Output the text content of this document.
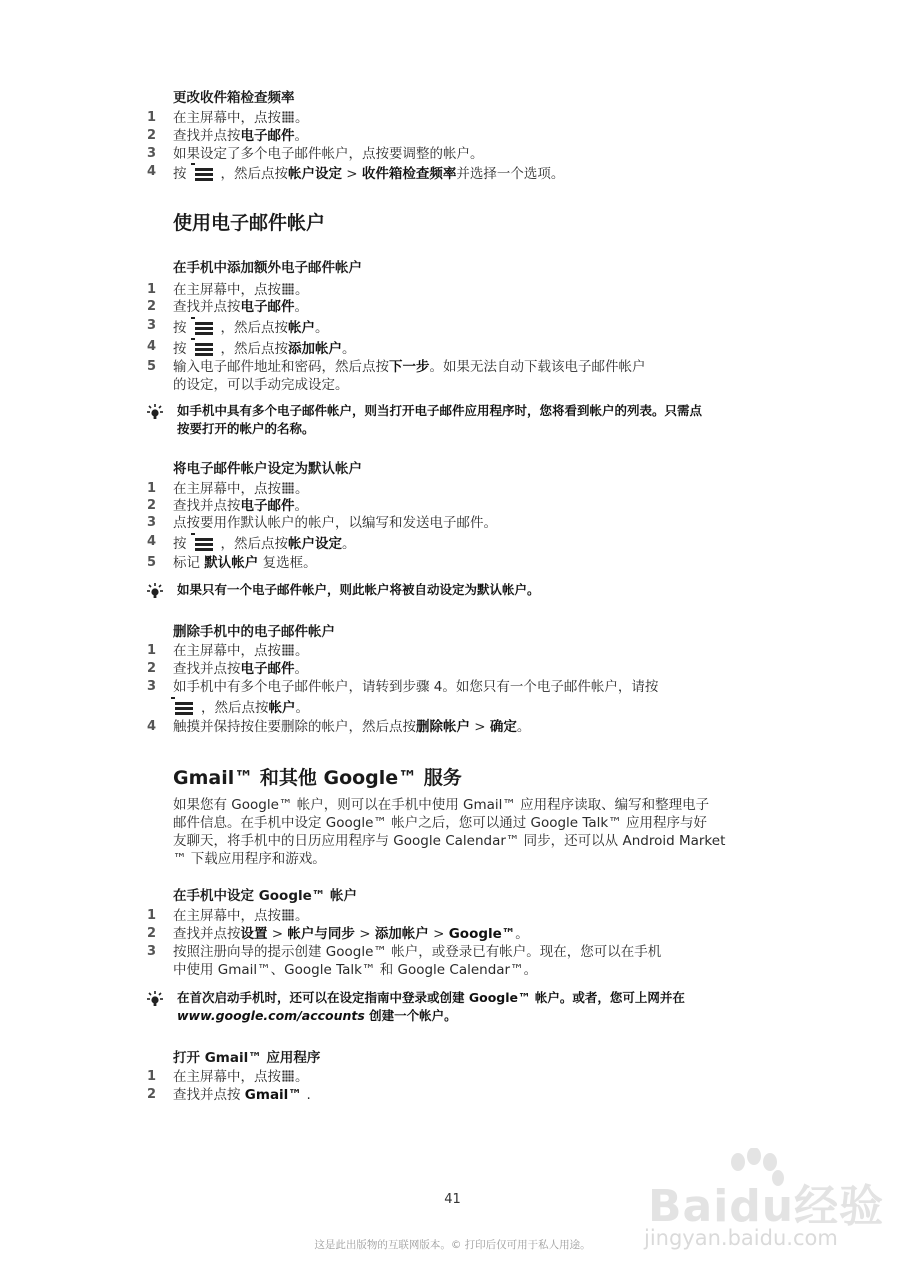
更改收件箱检查频率
1	在主屏幕中，点按 。
2	查找并点按电子邮件。
3	如果设定了多个电子邮件帐户，点按要调整的帐户。
4	按	，然后点按帐户设定 > 收件箱检查频率并选择一个选项。
使用电子邮件帐户
在手机中添加额外电子邮件帐户
1	在主屏幕中，点按 。
2	查找并点按电子邮件。
3	按	，然后点按帐户。
4	按	，然后点按添加帐户。
5	输入电子邮件地址和密码，然后点按下一步。如果无法自动下载该电子邮件帐户
的设定，可以手动完成设定。
如手机中具有多个电子邮件帐户，则当打开电子邮件应用程序时，您将看到帐户的列表。只需点
按要打开的帐户的名称。
将电子邮件帐户设定为默认帐户
1	在主屏幕中，点按 。
2	查找并点按电子邮件。
3	点按要用作默认帐户的帐户，以编写和发送电子邮件。
4	按	，然后点按帐户设定。
5	标记 默认帐户 复选框。
如果只有一个电子邮件帐户，则此帐户将被自动设定为默认帐户。
删除手机中的电子邮件帐户
1	在主屏幕中，点按 。
2	查找并点按电子邮件。
3	如手机中有多个电子邮件帐户，请转到步骤 4。如您只有一个电子邮件帐户，请按
，然后点按帐户。
4	触摸并保持按住要删除的帐户，然后点按删除帐户 > 确定。
Gmail™ 和其他 Google™ 服务
如果您有 Google™ 帐户，则可以在手机中使用 Gmail™ 应用程序读取、编写和整理电子
邮件信息。在手机中设定 Google™ 帐户之后，您可以通过 Google Talk™ 应用程序与好
友聊天，将手机中的日历应用程序与 Google Calendar™ 同步，还可以从 Android Market
™ 下载应用程序和游戏。
在手机中设定 Google™ 帐户
1	在主屏幕中，点按 。
2	查找并点按设置 > 帐户与同步 > 添加帐户 > Google™。
3	按照注册向导的提示创建 Google™ 帐户，或登录已有帐户。现在，您可以在手机
中使用 Gmail™、Google Talk™ 和 Google Calendar™。
在首次启动手机时，还可以在设定指南中登录或创建 Google™ 帐户。或者，您可上网并在
www.google.com/accounts 创建一个帐户。
打开 Gmail™ 应用程序
1	在主屏幕中，点按 。
2	查找并点按 Gmail™ .
Baidu经验
jingyan.baidu.com
41
这是此出版物的互联网版本。© 打印后仅可用于私人用途。
